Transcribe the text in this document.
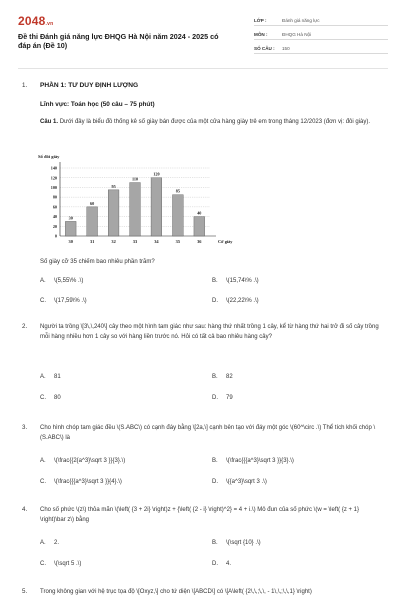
2048.vn
Đề thi Đánh giá năng lực ĐHQG Hà Nội năm 2024 - 2025 có đáp án (Đề 10)
LỚP :	Đánh giá năng lực
MÔN :	ĐHQG Hà Nội
SỐ CÂU :	150
1. PHẦN 1: TƯ DUY ĐỊNH LƯỢNG
Lĩnh vực: Toán học (50 câu – 75 phút)
Câu 1. Dưới đây là biểu đồ thống kê số giày bán được của một cửa hàng giày trẻ em trong tháng 12/2023 (đơn vị: đôi giày).
Số đôi giày
0
20
40
60
80
100
120
140
30
30
60
31
95
32
110
33
120
34
85
35
40
36	Cỡ giày
Số giày cỡ 35 chiếm bao nhiêu phần trăm?
A.	\(5,55\% .\)	B.	\(15,74\% .\)
C.	\(17,59\% .\)	D.	\(22,22\% .\)
2. Người ta trồng \[3\,\,240\] cây theo một hình tam giác như sau: hàng thứ nhất trồng 1 cây, kể từ hàng thứ hai trở đi số cây trồng mỗi hàng nhiều hơn 1 cây so với hàng liền trước nó. Hỏi có tất cả bao nhiêu hàng cây?
A.	81	B.	82
C.	80	D.	79
3. Cho hình chóp tam giác đều \(S.ABC\) có cạnh đáy bằng \[2a,\] cạnh bên tạo với đáy một góc \(60^\circ .\) Thể tích khối chóp \(S.ABC\) là
A.	\(\frac{{2{a^3}\sqrt 3 }}{3}.\)	B.	\(\frac{{{a^3}\sqrt 3 }}{3}.\)
C.	\(\frac{{{a^3}\sqrt 3 }}{4}.\)	D.	\({a^3}\sqrt 3 .\)
4. Cho số phức \(z\) thỏa mãn \(\left( {3 + 2i} \right)z + {\left( {2 - i} \right)^2} = 4 + i.\) Mô đun của số phức \(w = \left( {z + 1} \right)\bar z\) bằng
A.	2.	B.	\(\sqrt {10} .\)
C.	\(\sqrt 5 .\)	D.	4.
5. Trong không gian với hệ trục tọa độ \[Oxyz,\] cho tứ diện \[ABCD\] có \[A\left( {2\,\,;\,\, - 1\,\,;\,\,1} \right)
